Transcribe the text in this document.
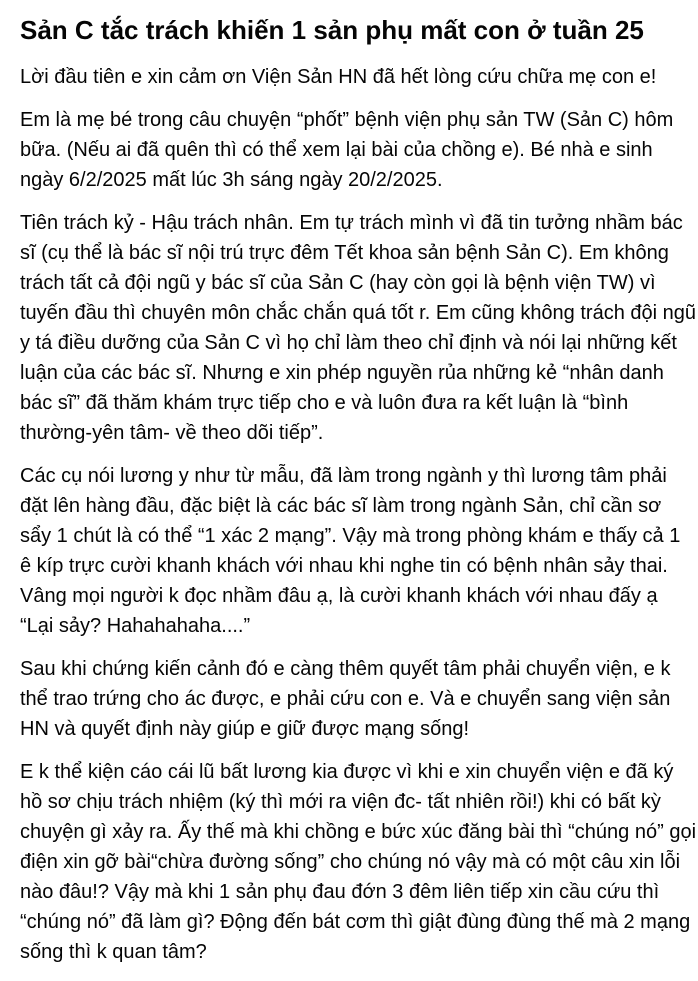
Sản C tắc trách khiến 1 sản phụ mất con ở tuần 25

Lời đầu tiên e xin cảm ơn Viện Sản HN đã hết lòng cứu chữa mẹ con e!

Em là mẹ bé trong câu chuyện “phốt” bệnh viện phụ sản TW (Sản C) hôm bữa. (Nếu ai đã quên thì có thể xem lại bài của chồng e). Bé nhà e sinh ngày 6/2/2025 mất lúc 3h sáng ngày 20/2/2025.

Tiên trách kỷ - Hậu trách nhân. Em tự trách mình vì đã tin tưởng nhầm bác sĩ (cụ thể là bác sĩ nội trú trực đêm Tết khoa sản bệnh Sản C). Em không trách tất cả đội ngũ y bác sĩ của Sản C (hay còn gọi là bệnh viện TW) vì tuyến đầu thì chuyên môn chắc chắn quá tốt r. Em cũng không trách đội ngũ y tá điều dưỡng của Sản C vì họ chỉ làm theo chỉ định và nói lại những kết luận của các bác sĩ. Nhưng e xin phép nguyền rủa những kẻ “nhân danh bác sĩ” đã thăm khám trực tiếp cho e và luôn đưa ra kết luận là “bình thường-yên tâm- về theo dõi tiếp”.

Các cụ nói lương y như từ mẫu, đã làm trong ngành y thì lương tâm phải đặt lên hàng đầu, đặc biệt là các bác sĩ làm trong ngành Sản, chỉ cần sơ sẩy 1 chút là có thể “1 xác 2 mạng”. Vậy mà trong phòng khám e thấy cả 1 ê kíp trực cười khanh khách với nhau khi nghe tin có bệnh nhân sảy thai. Vâng mọi người k đọc nhầm đâu ạ, là cười khanh khách với nhau đấy ạ “Lại sảy? Hahahahaha....”

Sau khi chứng kiến cảnh đó e càng thêm quyết tâm phải chuyển viện, e k thể trao trứng cho ác được, e phải cứu con e. Và e chuyển sang viện sản HN và quyết định này giúp e giữ được mạng sống!

E k thể kiện cáo cái lũ bất lương kia được vì khi e xin chuyển viện e đã ký hồ sơ chịu trách nhiệm (ký thì mới ra viện đc- tất nhiên rồi!) khi có bất kỳ chuyện gì xảy ra. Ấy thế mà khi chồng e bức xúc đăng bài thì “chúng nó” gọi điện xin gỡ bài“chừa đường sống” cho chúng nó vậy mà có một câu xin lỗi nào đâu!? Vậy mà khi 1 sản phụ đau đớn 3 đêm liên tiếp xin cầu cứu thì “chúng nó” đã làm gì? Động đến bát cơm thì giật đùng đùng thế mà 2 mạng sống thì k quan tâm?
